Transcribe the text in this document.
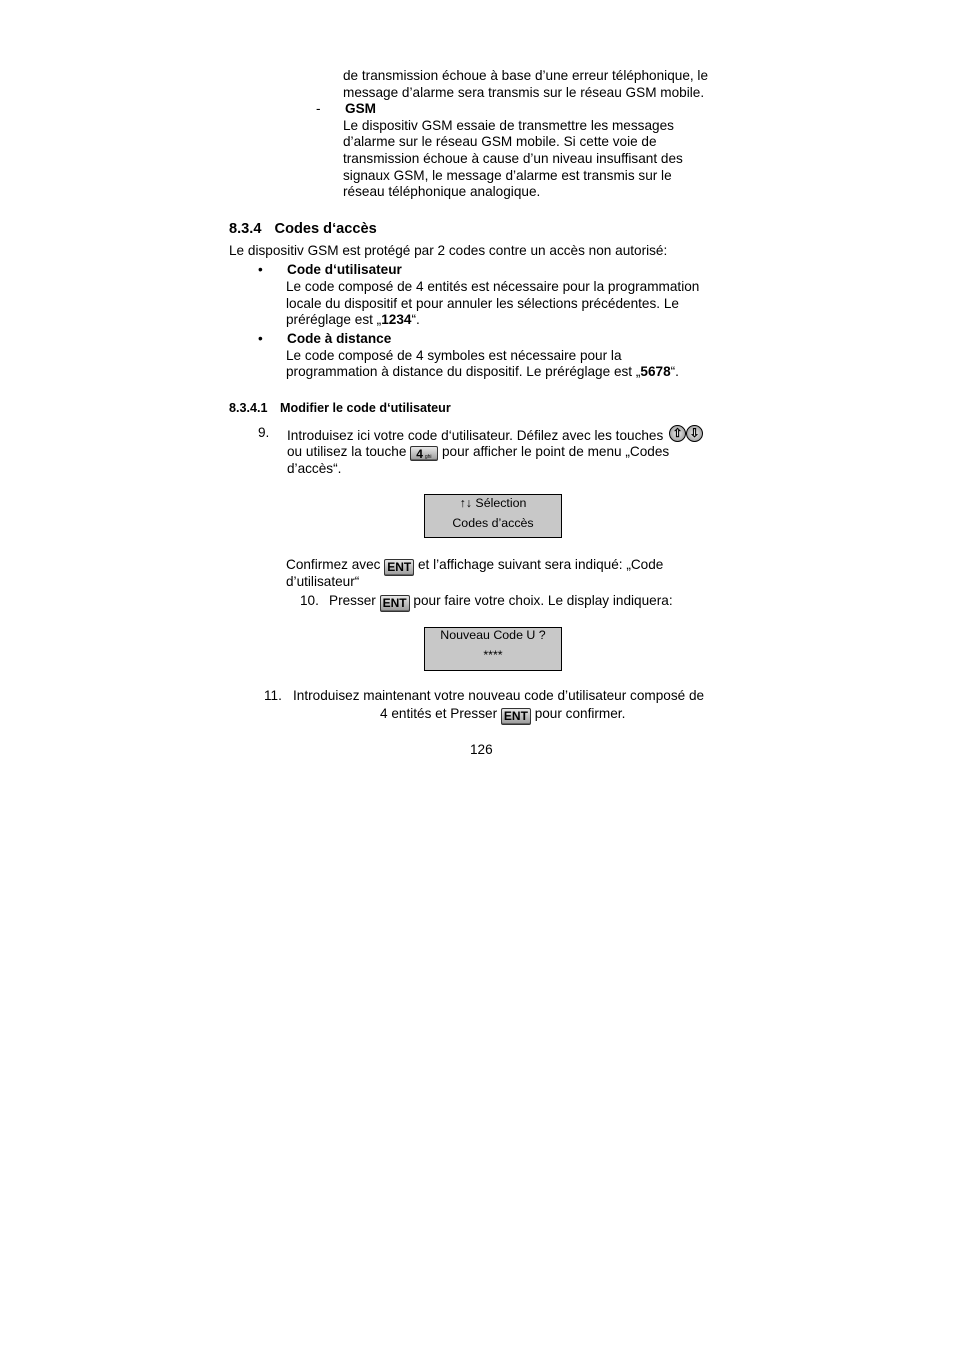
de transmission échoue à base d’une erreur téléphonique, le
message d’alarme sera transmis sur le réseau GSM mobile.
- GSM
Le dispositiv GSM essaie de transmettre les messages
d’alarme sur le réseau GSM mobile. Si cette voie de
transmission échoue à cause d’un niveau insuffisant des
signaux GSM, le message d’alarme est transmis sur le
réseau téléphonique analogique.
8.3.4 Codes d‘accès
Le dispositiv GSM est protégé par 2 codes contre un accès non autorisé:
• Code d‘utilisateur
Le code composé de 4 entités est nécessaire pour la programmation
locale du dispositif et pour annuler les sélections précédentes. Le
préréglage est „1234“.
• Code à distance
Le code composé de 4 symboles est nécessaire pour la
programmation à distance du dispositif. Le préréglage est „5678“.
8.3.4.1 Modifier le code d‘utilisateur
9. Introduisez ici votre code d‘utilisateur. Défilez avec les touches ⇧ ⇩
ou utilisez la touche 4 ghi pour afficher le point de menu „Codes
d’accès“.
↑↓ Sélection
Codes d’accès
Confirmez avec ENT et l’affichage suivant sera indiqué: „Code
d’utilisateur“
10. Presser ENT pour faire votre choix. Le display indiquera:
Nouveau Code U ?
****
11. Introduisez maintenant votre nouveau code d’utilisateur composé de
4 entités et Presser ENT pour confirmer.
126
